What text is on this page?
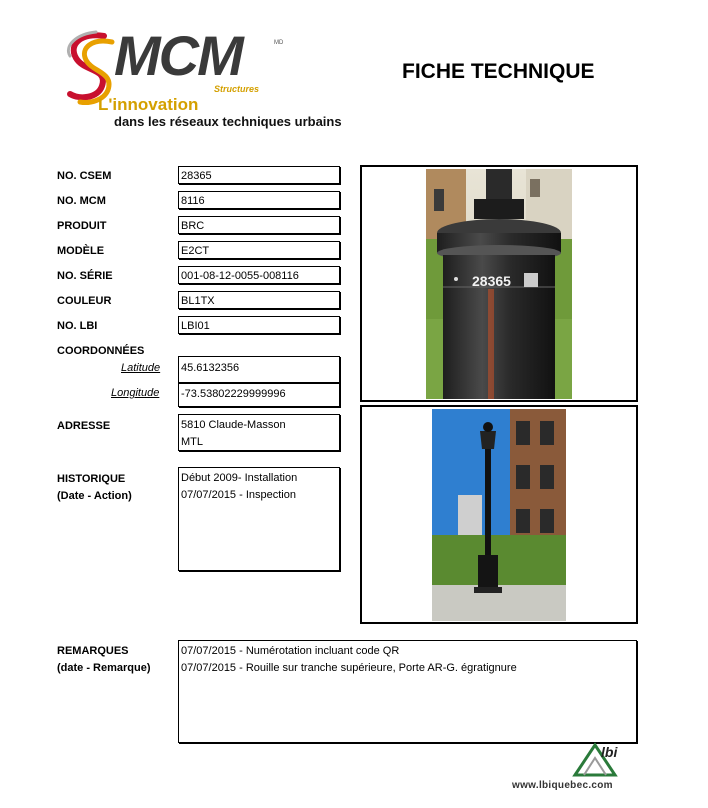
MCM	MD
Structures
L'innovation
dans les réseaux techniques urbains
FICHE TECHNIQUE
NO. CSEM	28365
NO. MCM	8116
PRODUIT	BRC
MODÈLE	E2CT
NO. SÉRIE	001-08-12-0055-008116
COULEUR	BL1TX
NO. LBI	LBI01
COORDONNÉES
Latitude 45.6132356
Longitude -73.53802229999996
ADRESSE	5810 Claude-Masson
MTL
HISTORIQUE
(Date - Action)
Début 2009- Installation
07/07/2015 - Inspection
REMARQUES
(date - Remarque)
07/07/2015 - Numérotation incluant code QR
07/07/2015 - Rouille sur tranche supérieure, Porte AR-G. égratignure
28365
lbi
www.lbiquebec.com
